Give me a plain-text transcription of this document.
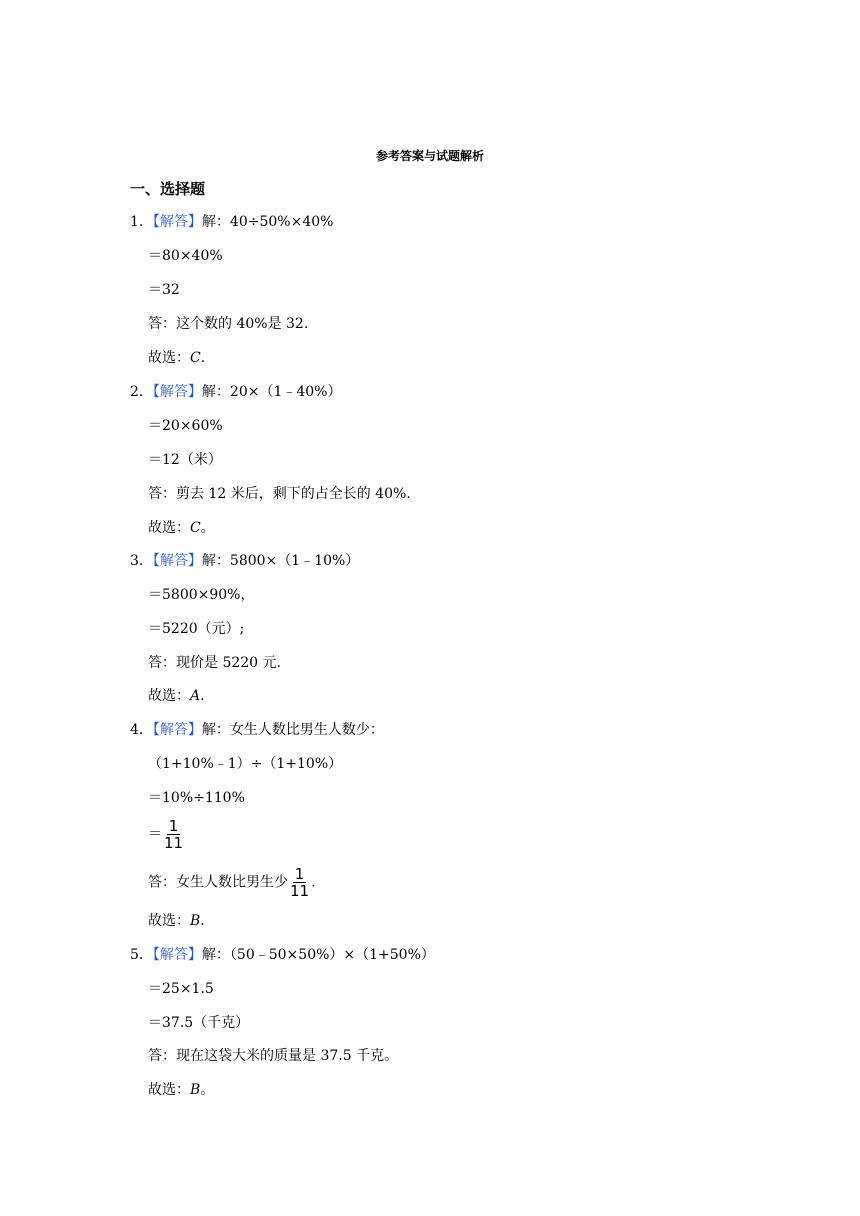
参考答案与试题解析
一、选择题
1．【解答】解：40÷50%×40%
＝80×40%
＝32
答：这个数的 40%是 32.
故选：C.
2．【解答】解：20×（1﹣40%）
＝20×60%
＝12（米）
答：剪去 12 米后，剩下的占全长的 40%.
故选：C。
3．【解答】解：5800×（1﹣10%）
＝5800×90%，
＝5220（元）;
答：现价是 5220 元.
故选：A.
4．【解答】解：女生人数比男生人数少：
（1+10%﹣1）÷（1+10%）
＝10%÷110%
＝ $\frac{1}{11}$
答：女生人数比男生少 $\frac{1}{11}$ .
故选：B.
5．【解答】解：（50﹣50×50%）×（1+50%）
＝25×1.5
＝37.5（千克）
答：现在这袋大米的质量是 37.5 千克。
故选：B。
